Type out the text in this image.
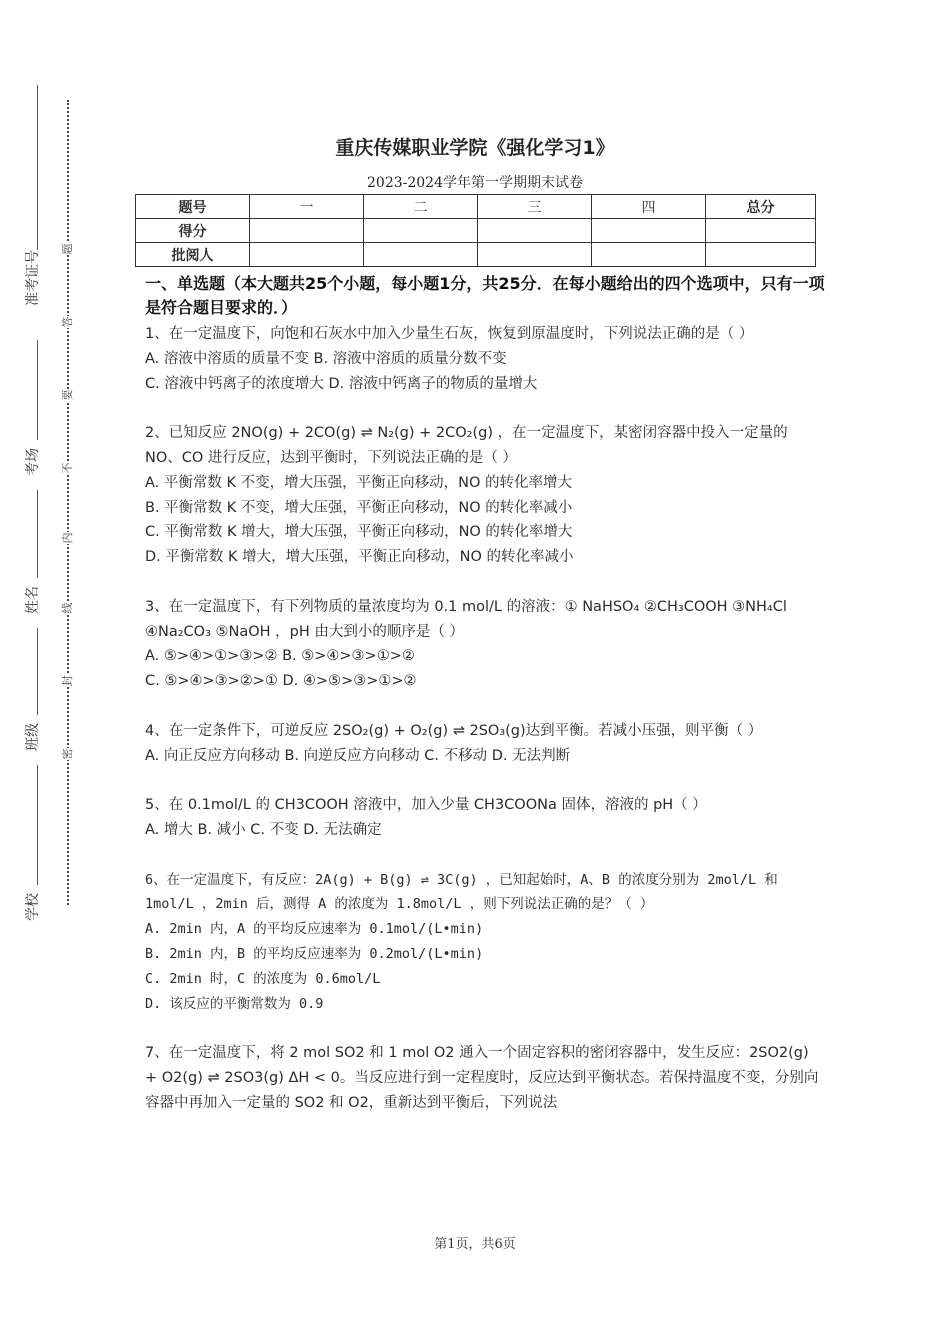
准考证号
考场
姓名
班级
学校
题
答
要
不
内
线
封
密
重庆传媒职业学院《强化学习1》
2023-2024学年第一学期期末试卷
题号	一	二	三	四	总分
得分					
批阅人					
一、单选题（本大题共25个小题，每小题1分，共25分．在每小题给出的四个选项中，只有一项是符合题目要求的．）

1、在一定温度下，向饱和石灰水中加入少量生石灰，恢复到原温度时，下列说法正确的是（ ）

A. 溶液中溶质的质量不变 B. 溶液中溶质的质量分数不变

C. 溶液中钙离子的浓度增大 D. 溶液中钙离子的物质的量增大

2、已知反应 2NO(g) + 2CO(g) ⇌ N₂(g) + 2CO₂(g) ，在一定温度下，某密闭容器中投入一定量的 NO、CO 进行反应，达到平衡时，下列说法正确的是（ ）

A. 平衡常数 K 不变，增大压强，平衡正向移动，NO 的转化率增大

B. 平衡常数 K 不变，增大压强，平衡正向移动，NO 的转化率减小

C. 平衡常数 K 增大，增大压强，平衡正向移动，NO 的转化率增大

D. 平衡常数 K 增大，增大压强，平衡正向移动，NO 的转化率减小

3、在一定温度下，有下列物质的量浓度均为 0.1 mol/L 的溶液：① NaHSO₄ ②CH₃COOH ③NH₄Cl ④Na₂CO₃ ⑤NaOH ，pH 由大到小的顺序是（ ）

A. ⑤>④>①>③>② B. ⑤>④>③>①>②

C. ⑤>④>③>②>① D. ④>⑤>③>①>②

4、在一定条件下，可逆反应 2SO₂(g) + O₂(g) ⇌ 2SO₃(g)达到平衡。若减小压强，则平衡（ ）

A. 向正反应方向移动 B. 向逆反应方向移动 C. 不移动 D. 无法判断

5、在 0.1mol/L 的 CH3COOH 溶液中，加入少量 CH3COONa 固体，溶液的 pH（ ）

A. 增大 B. 减小 C. 不变 D. 无法确定

6、在一定温度下，有反应：2A(g) + B(g) ⇌ 3C(g) ，已知起始时，A、B 的浓度分别为 2mol/L 和 1mol/L ，2min 后，测得 A 的浓度为 1.8mol/L ，则下列说法正确的是？（ ）

A. 2min 内，A 的平均反应速率为 0.1mol/(L•min)

B. 2min 内，B 的平均反应速率为 0.2mol/(L•min)

C. 2min 时，C 的浓度为 0.6mol/L

D. 该反应的平衡常数为 0.9

7、在一定温度下，将 2 mol SO2 和 1 mol O2 通入一个固定容积的密闭容器中，发生反应：2SO2(g) + O2(g) ⇌ 2SO3(g) ΔH < 0。当反应进行到一定程度时，反应达到平衡状态。若保持温度不变，分别向容器中再加入一定量的 SO2 和 O2，重新达到平衡后，下列说法

第1页，共6页
